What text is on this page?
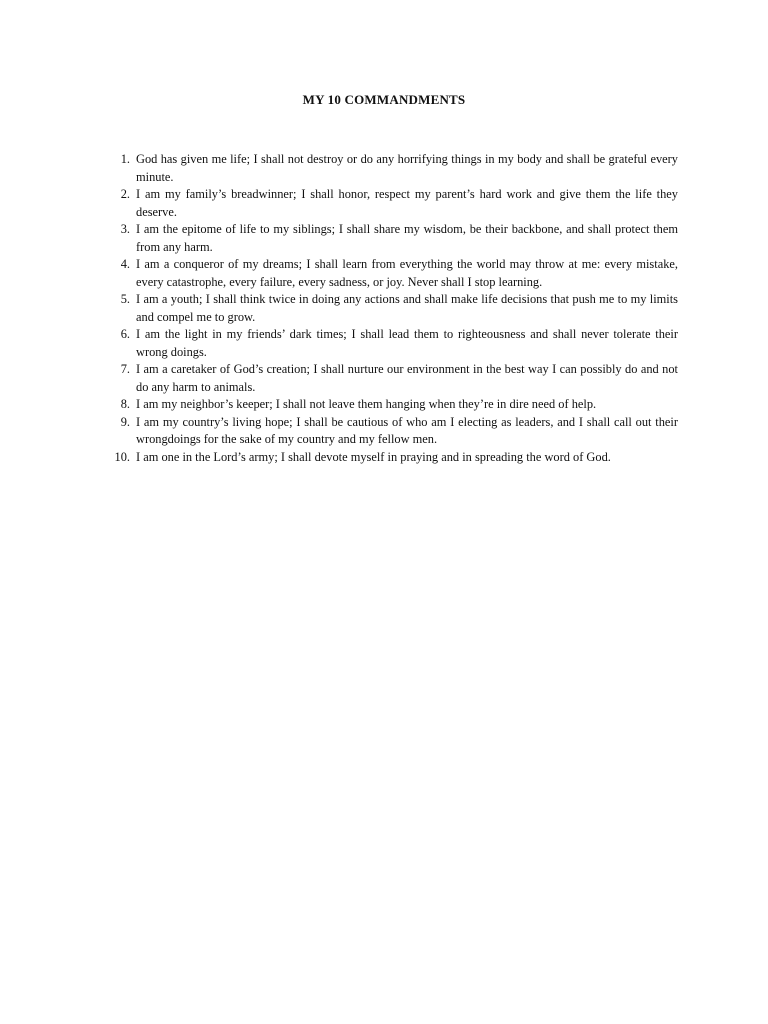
MY 10 COMMANDMENTS
1. God has given me life; I shall not destroy or do any horrifying things in my body and shall be grateful every minute.
2. I am my family’s breadwinner; I shall honor, respect my parent’s hard work and give them the life they deserve.
3. I am the epitome of life to my siblings; I shall share my wisdom, be their backbone, and shall protect them from any harm.
4. I am a conqueror of my dreams; I shall learn from everything the world may throw at me: every mistake, every catastrophe, every failure, every sadness, or joy. Never shall I stop learning.
5. I am a youth; I shall think twice in doing any actions and shall make life decisions that push me to my limits and compel me to grow.
6. I am the light in my friends’ dark times; I shall lead them to righteousness and shall never tolerate their wrong doings.
7. I am a caretaker of God’s creation; I shall nurture our environment in the best way I can possibly do and not do any harm to animals.
8. I am my neighbor’s keeper; I shall not leave them hanging when they’re in dire need of help.
9. I am my country’s living hope; I shall be cautious of who am I electing as leaders, and I shall call out their wrongdoings for the sake of my country and my fellow men.
10. I am one in the Lord’s army; I shall devote myself in praying and in spreading the word of God.
